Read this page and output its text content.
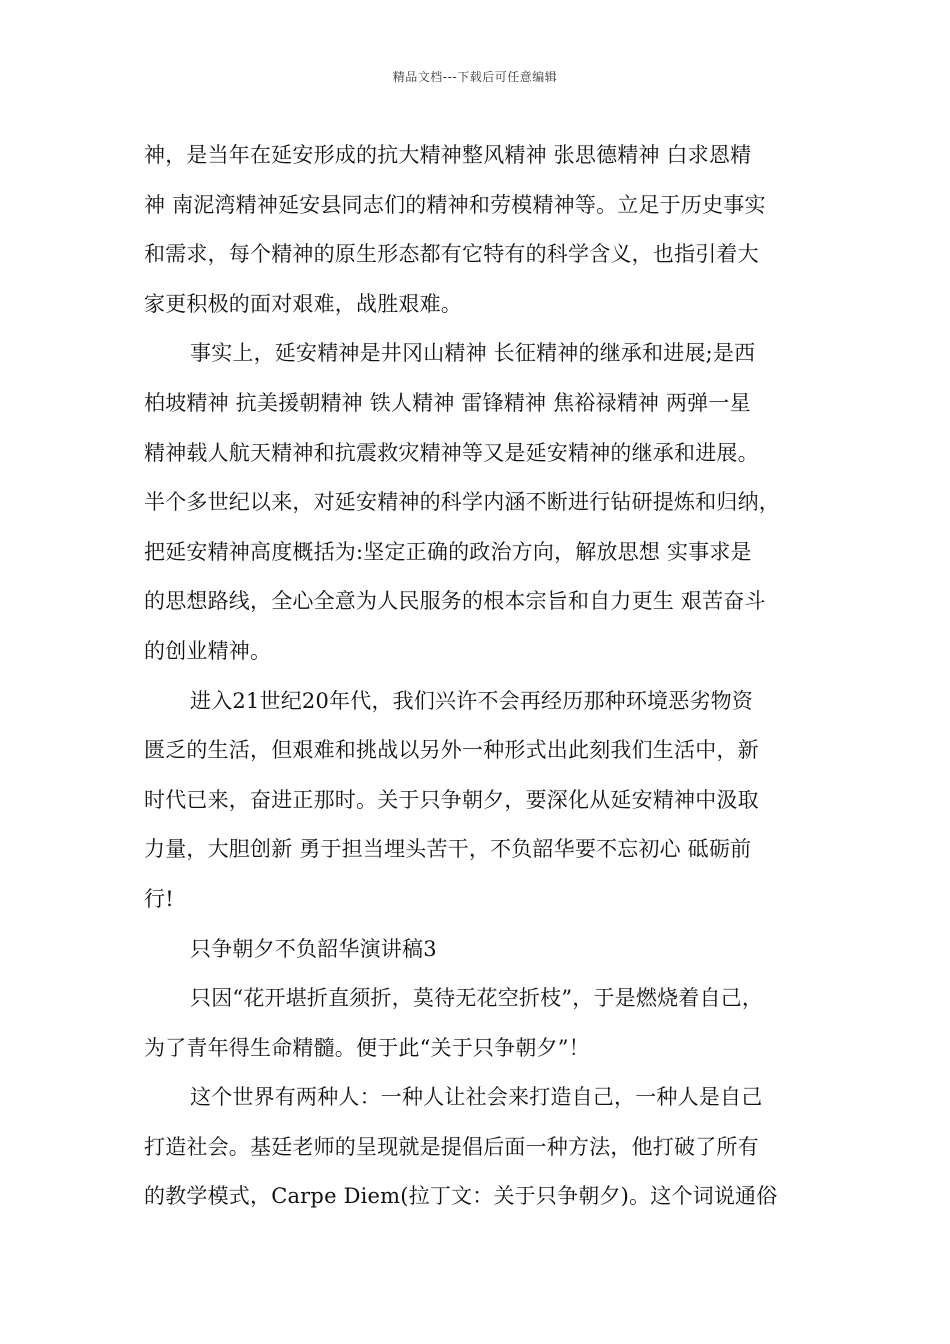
精品文档---下载后可任意编辑
神，是当年在延安形成的抗大精神整风精神 张思德精神 白求恩精
神 南泥湾精神延安县同志们的精神和劳模精神等。立足于历史事实
和需求，每个精神的原生形态都有它特有的科学含义，也指引着大
家更积极的面对艰难，战胜艰难。
事实上，延安精神是井冈山精神 长征精神的继承和进展;是西
柏坡精神 抗美援朝精神 铁人精神 雷锋精神 焦裕禄精神 两弹一星
精神载人航天精神和抗震救灾精神等又是延安精神的继承和进展。
半个多世纪以来，对延安精神的科学内涵不断进行钻研提炼和归纳，
把延安精神高度概括为:坚定正确的政治方向，解放思想 实事求是
的思想路线，全心全意为人民服务的根本宗旨和自力更生 艰苦奋斗
的创业精神。
进入21世纪20年代，我们兴许不会再经历那种环境恶劣物资
匮乏的生活，但艰难和挑战以另外一种形式出此刻我们生活中，新
时代已来，奋进正那时。关于只争朝夕，要深化从延安精神中汲取
力量，大胆创新 勇于担当埋头苦干，不负韶华要不忘初心 砥砺前
行!
只争朝夕不负韶华演讲稿3
只因“花开堪折直须折，莫待无花空折枝”，于是燃烧着自己，
为了青年得生命精髓。便于此“关于只争朝夕”！
这个世界有两种人：一种人让社会来打造自己，一种人是自己
打造社会。基廷老师的呈现就是提倡后面一种方法，他打破了所有
的教学模式，Carpe Diem(拉丁文：关于只争朝夕)。这个词说通俗
